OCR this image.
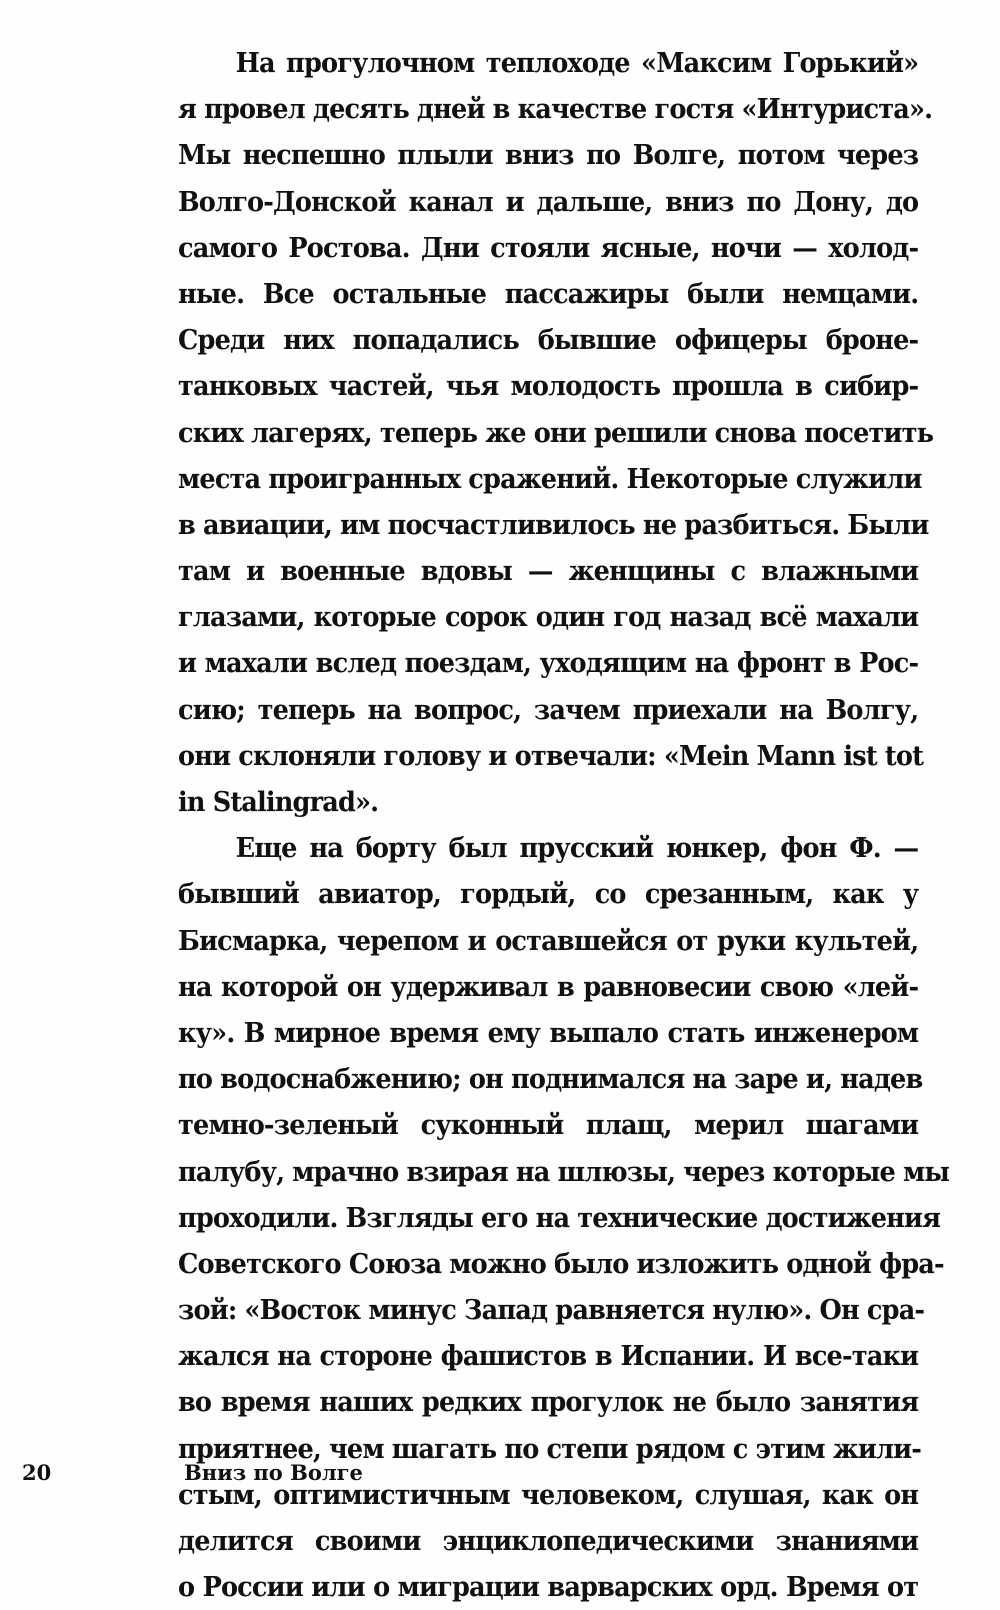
На прогулочном теплоходе «Максим Горький»
я провел десять дней в качестве гостя «Интуриста».
Мы неспешно плыли вниз по Волге, потом через
Волго-Донской канал и дальше, вниз по Дону, до
самого Ростова. Дни стояли ясные, ночи — холод-
ные. Все остальные пассажиры были немцами.
Среди них попадались бывшие офицеры броне-
танковых частей, чья молодость прошла в сибир-
ских лагерях, теперь же они решили снова посетить
места проигранных сражений. Некоторые служили
в авиации, им посчастливилось не разбиться. Были
там и военные вдовы — женщины с влажными
глазами, которые сорок один год назад всё махали
и махали вслед поездам, уходящим на фронт в Рос-
сию; теперь на вопрос, зачем приехали на Волгу,
они склоняли голову и отвечали: «Mein Mann ist tot
in Stalingrad».
Еще на борту был прусский юнкер, фон Ф. —
бывший авиатор, гордый, со срезанным, как у
Бисмарка, черепом и оставшейся от руки культей,
на которой он удерживал в равновесии свою «лей-
ку». В мирное время ему выпало стать инженером
по водоснабжению; он поднимался на заре и, надев
темно-зеленый суконный плащ, мерил шагами
палубу, мрачно взирая на шлюзы, через которые мы
проходили. Взгляды его на технические достижения
Советского Союза можно было изложить одной фра-
зой: «Восток минус Запад равняется нулю». Он сра-
жался на стороне фашистов в Испании. И все-таки
во время наших редких прогулок не было занятия
приятнее, чем шагать по степи рядом с этим жили-
стым, оптимистичным человеком, слушая, как он
делится своими энциклопедическими знаниями
о России или о миграции варварских орд. Время от
20	Вниз по Волге
